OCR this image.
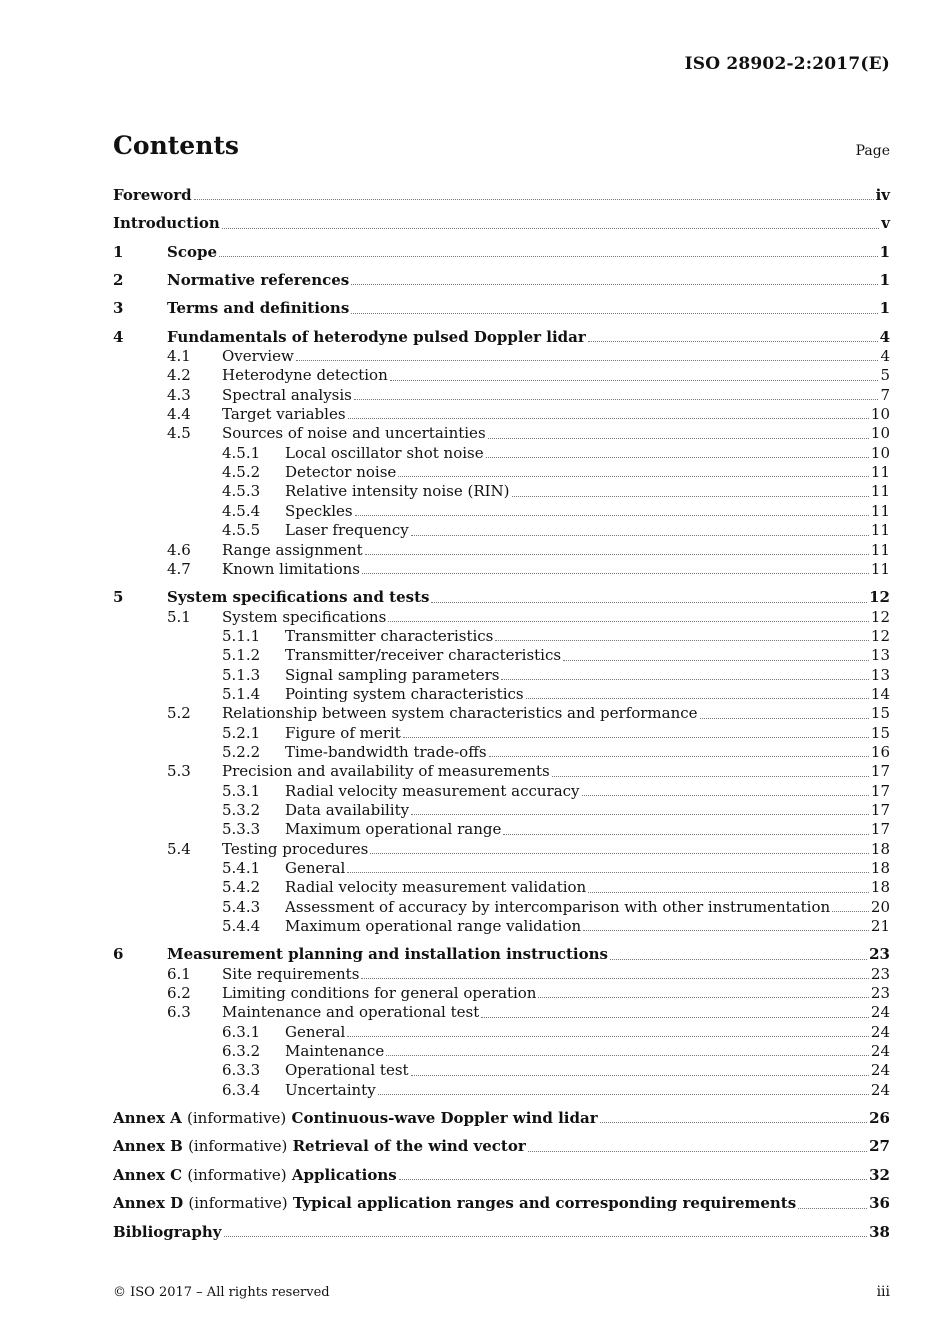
ISO 28902-2:2017(E)
Contents	Page
Foreword	iv
Introduction	v
1	Scope	1
2	Normative references	1
3	Terms and definitions	1
4	Fundamentals of heterodyne pulsed Doppler lidar	4
4.1	Overview	4
4.2	Heterodyne detection	5
4.3	Spectral analysis	7
4.4	Target variables	10
4.5	Sources of noise and uncertainties	10
4.5.1	Local oscillator shot noise	10
4.5.2	Detector noise	11
4.5.3	Relative intensity noise (RIN)	11
4.5.4	Speckles	11
4.5.5	Laser frequency	11
4.6	Range assignment	11
4.7	Known limitations	11
5	System specifications and tests	12
5.1	System specifications	12
5.1.1	Transmitter characteristics	12
5.1.2	Transmitter/receiver characteristics	13
5.1.3	Signal sampling parameters	13
5.1.4	Pointing system characteristics	14
5.2	Relationship between system characteristics and performance	15
5.2.1	Figure of merit	15
5.2.2	Time-bandwidth trade-offs	16
5.3	Precision and availability of measurements	17
5.3.1	Radial velocity measurement accuracy	17
5.3.2	Data availability	17
5.3.3	Maximum operational range	17
5.4	Testing procedures	18
5.4.1	General	18
5.4.2	Radial velocity measurement validation	18
5.4.3	Assessment of accuracy by intercomparison with other instrumentation	20
5.4.4	Maximum operational range validation	21
6	Measurement planning and installation instructions	23
6.1	Site requirements	23
6.2	Limiting conditions for general operation	23
6.3	Maintenance and operational test	24
6.3.1	General	24
6.3.2	Maintenance	24
6.3.3	Operational test	24
6.3.4	Uncertainty	24
Annex A (informative) Continuous-wave Doppler wind lidar	26
Annex B (informative) Retrieval of the wind vector	27
Annex C (informative) Applications	32
Annex D (informative) Typical application ranges and corresponding requirements	36
Bibliography	38
© ISO 2017 – All rights reserved	iii
